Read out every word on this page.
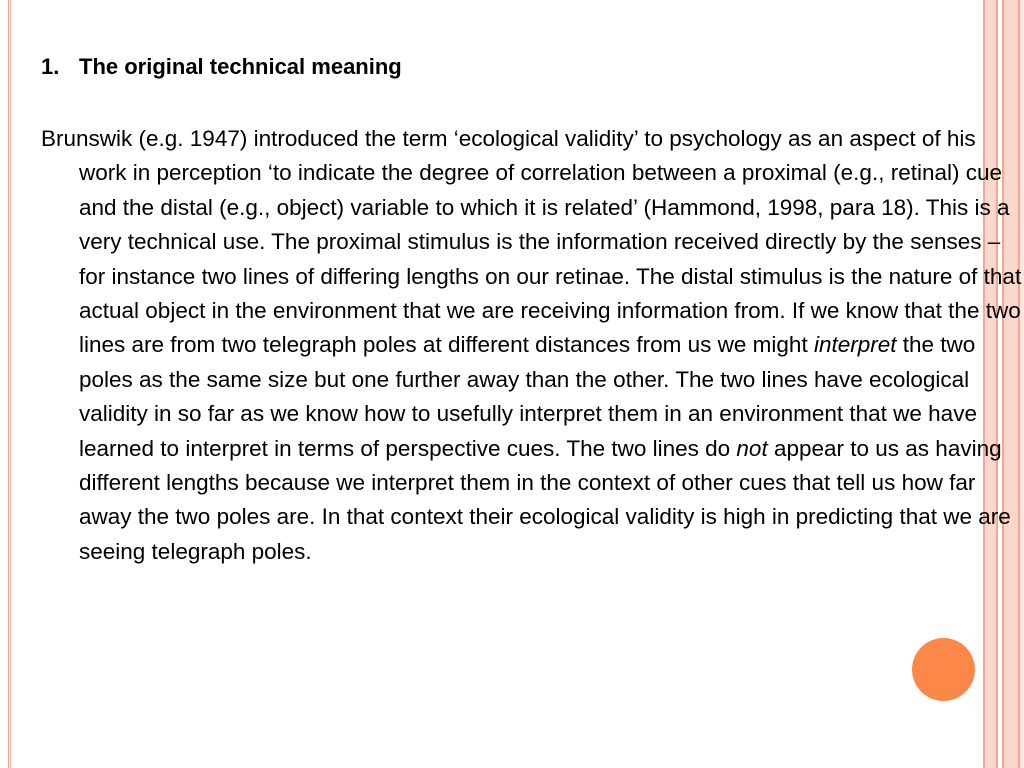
1. The original technical meaning
Brunswik (e.g. 1947) introduced the term ‘ecological validity’ to psychology as an aspect of his work in perception ‘to indicate the degree of correlation between a proximal (e.g., retinal) cue and the distal (e.g., object) variable to which it is related’ (Hammond, 1998, para 18). This is a very technical use. The proximal stimulus is the information received directly by the senses – for instance two lines of differing lengths on our retinae. The distal stimulus is the nature of that actual object in the environment that we are receiving information from. If we know that the two lines are from two telegraph poles at different distances from us we might interpret the two poles as the same size but one further away than the other. The two lines have ecological validity in so far as we know how to usefully interpret them in an environment that we have learned to interpret in terms of perspective cues. The two lines do not appear to us as having different lengths because we interpret them in the context of other cues that tell us how far away the two poles are. In that context their ecological validity is high in predicting that we are seeing telegraph poles.
